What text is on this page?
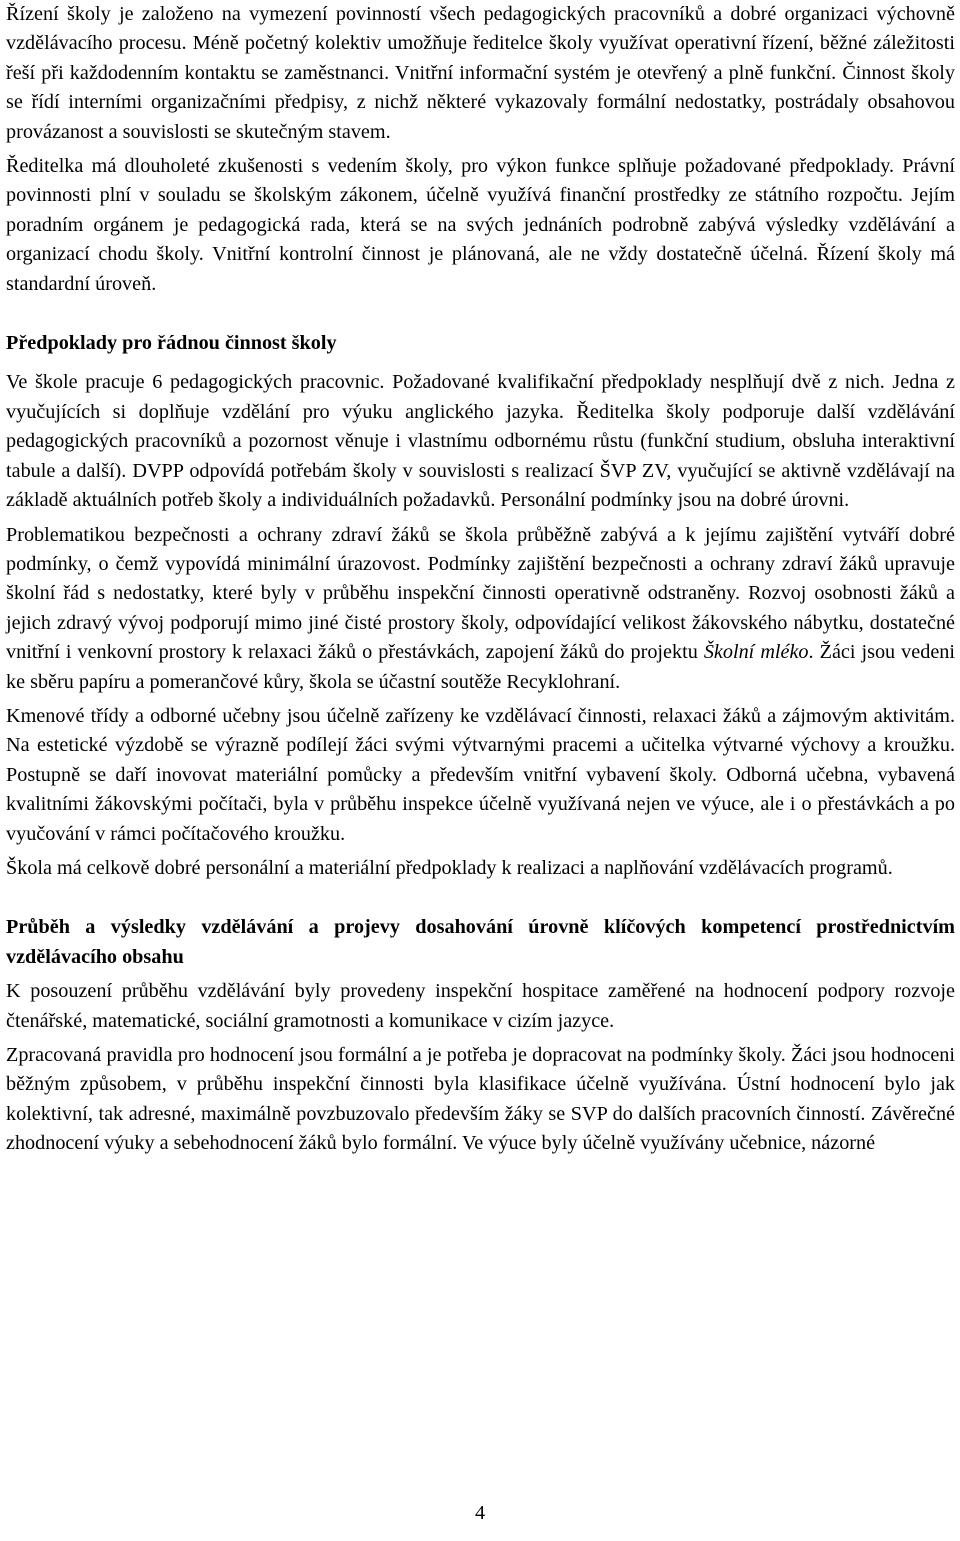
Řízení školy je založeno na vymezení povinností všech pedagogických pracovníků a dobré organizaci výchovně vzdělávacího procesu. Méně početný kolektiv umožňuje ředitelce školy využívat operativní řízení, běžné záležitosti řeší při každodenním kontaktu se zaměstnanci. Vnitřní informační systém je otevřený a plně funkční. Činnost školy se řídí interními organizačními předpisy, z nichž některé vykazovaly formální nedostatky, postrádaly obsahovou provázanost a souvislosti se skutečným stavem.

Ředitelka má dlouholeté zkušenosti s vedením školy, pro výkon funkce splňuje požadované předpoklady. Právní povinnosti plní v souladu se školským zákonem, účelně využívá finanční prostředky ze státního rozpočtu. Jejím poradním orgánem je pedagogická rada, která se na svých jednáních podrobně zabývá výsledky vzdělávání a organizací chodu školy. Vnitřní kontrolní činnost je plánovaná, ale ne vždy dostatečně účelná. Řízení školy má standardní úroveň.

Předpoklady pro řádnou činnost školy

Ve škole pracuje 6 pedagogických pracovnic. Požadované kvalifikační předpoklady nesplňují dvě z nich. Jedna z vyučujících si doplňuje vzdělání pro výuku anglického jazyka. Ředitelka školy podporuje další vzdělávání pedagogických pracovníků a pozornost věnuje i vlastnímu odbornému růstu (funkční studium, obsluha interaktivní tabule a další). DVPP odpovídá potřebám školy v souvislosti s realizací ŠVP ZV, vyučující se aktivně vzdělávají na základě aktuálních potřeb školy a individuálních požadavků. Personální podmínky jsou na dobré úrovni.

Problematikou bezpečnosti a ochrany zdraví žáků se škola průběžně zabývá a k jejímu zajištění vytváří dobré podmínky, o čemž vypovídá minimální úrazovost. Podmínky zajištění bezpečnosti a ochrany zdraví žáků upravuje školní řád s nedostatky, které byly v průběhu inspekční činnosti operativně odstraněny. Rozvoj osobnosti žáků a jejich zdravý vývoj podporují mimo jiné čisté prostory školy, odpovídající velikost žákovského nábytku, dostatečné vnitřní i venkovní prostory k relaxaci žáků o přestávkách, zapojení žáků do projektu Školní mléko. Žáci jsou vedeni ke sběru papíru a pomerančové kůry, škola se účastní soutěže Recyklohraní.

Kmenové třídy a odborné učebny jsou účelně zařízeny ke vzdělávací činnosti, relaxaci žáků a zájmovým aktivitám. Na estetické výzdobě se výrazně podílejí žáci svými výtvarnými pracemi a učitelka výtvarné výchovy a kroužku. Postupně se daří inovovat materiální pomůcky a především vnitřní vybavení školy. Odborná učebna, vybavená kvalitními žákovskými počítači, byla v průběhu inspekce účelně využívaná nejen ve výuce, ale i o přestávkách a po vyučování v rámci počítačového kroužku.

Škola má celkově dobré personální a materiální předpoklady k realizaci a naplňování vzdělávacích programů.

Průběh a výsledky vzdělávání a projevy dosahování úrovně klíčových kompetencí prostřednictvím vzdělávacího obsahu

K posouzení průběhu vzdělávání byly provedeny inspekční hospitace zaměřené na hodnocení podpory rozvoje čtenářské, matematické, sociální gramotnosti a komunikace v cizím jazyce.

Zpracovaná pravidla pro hodnocení jsou formální a je potřeba je dopracovat na podmínky školy. Žáci jsou hodnoceni běžným způsobem, v průběhu inspekční činnosti byla klasifikace účelně využívána. Ústní hodnocení bylo jak kolektivní, tak adresné, maximálně povzbuzovalo především žáky se SVP do dalších pracovních činností. Závěrečné zhodnocení výuky a sebehodnocení žáků bylo formální. Ve výuce byly účelně využívány učebnice, názorné

4
